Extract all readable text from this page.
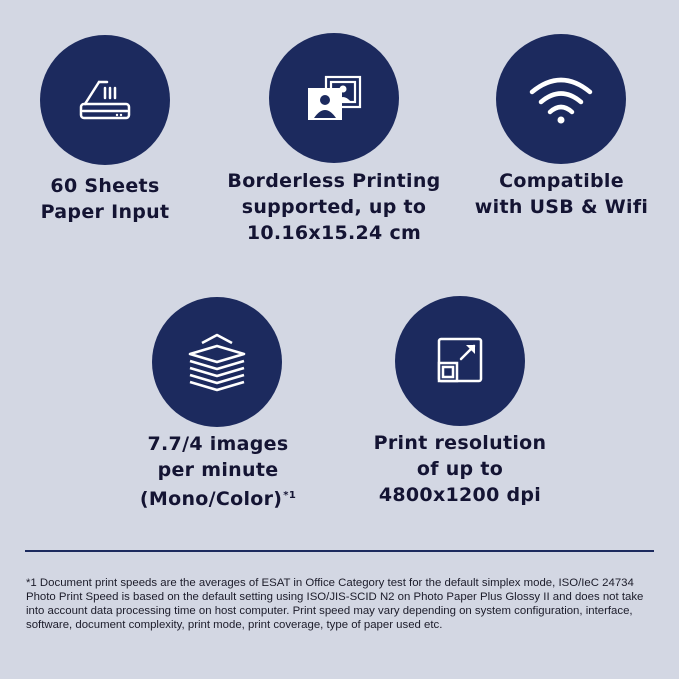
60 Sheets
Paper Input
Borderless Printing
supported, up to
10.16x15.24 cm
Compatible
with USB & Wifi
7.7/4 images
per minute
(Mono/Color)$^{*1}$
Print resolution
of up to
4800x1200 dpi
*1 Document print speeds are the averages of ESAT in Office Category test for the default simplex mode, ISO/IeC 24734 Photo Print Speed is based on the default setting using ISO/JIS-SCID N2 on Photo Paper Plus Glossy II and does not take into account data processing time on host computer. Print speed may vary depending on system configuration, interface, software, document complexity, print mode, print coverage, type of paper used etc.
